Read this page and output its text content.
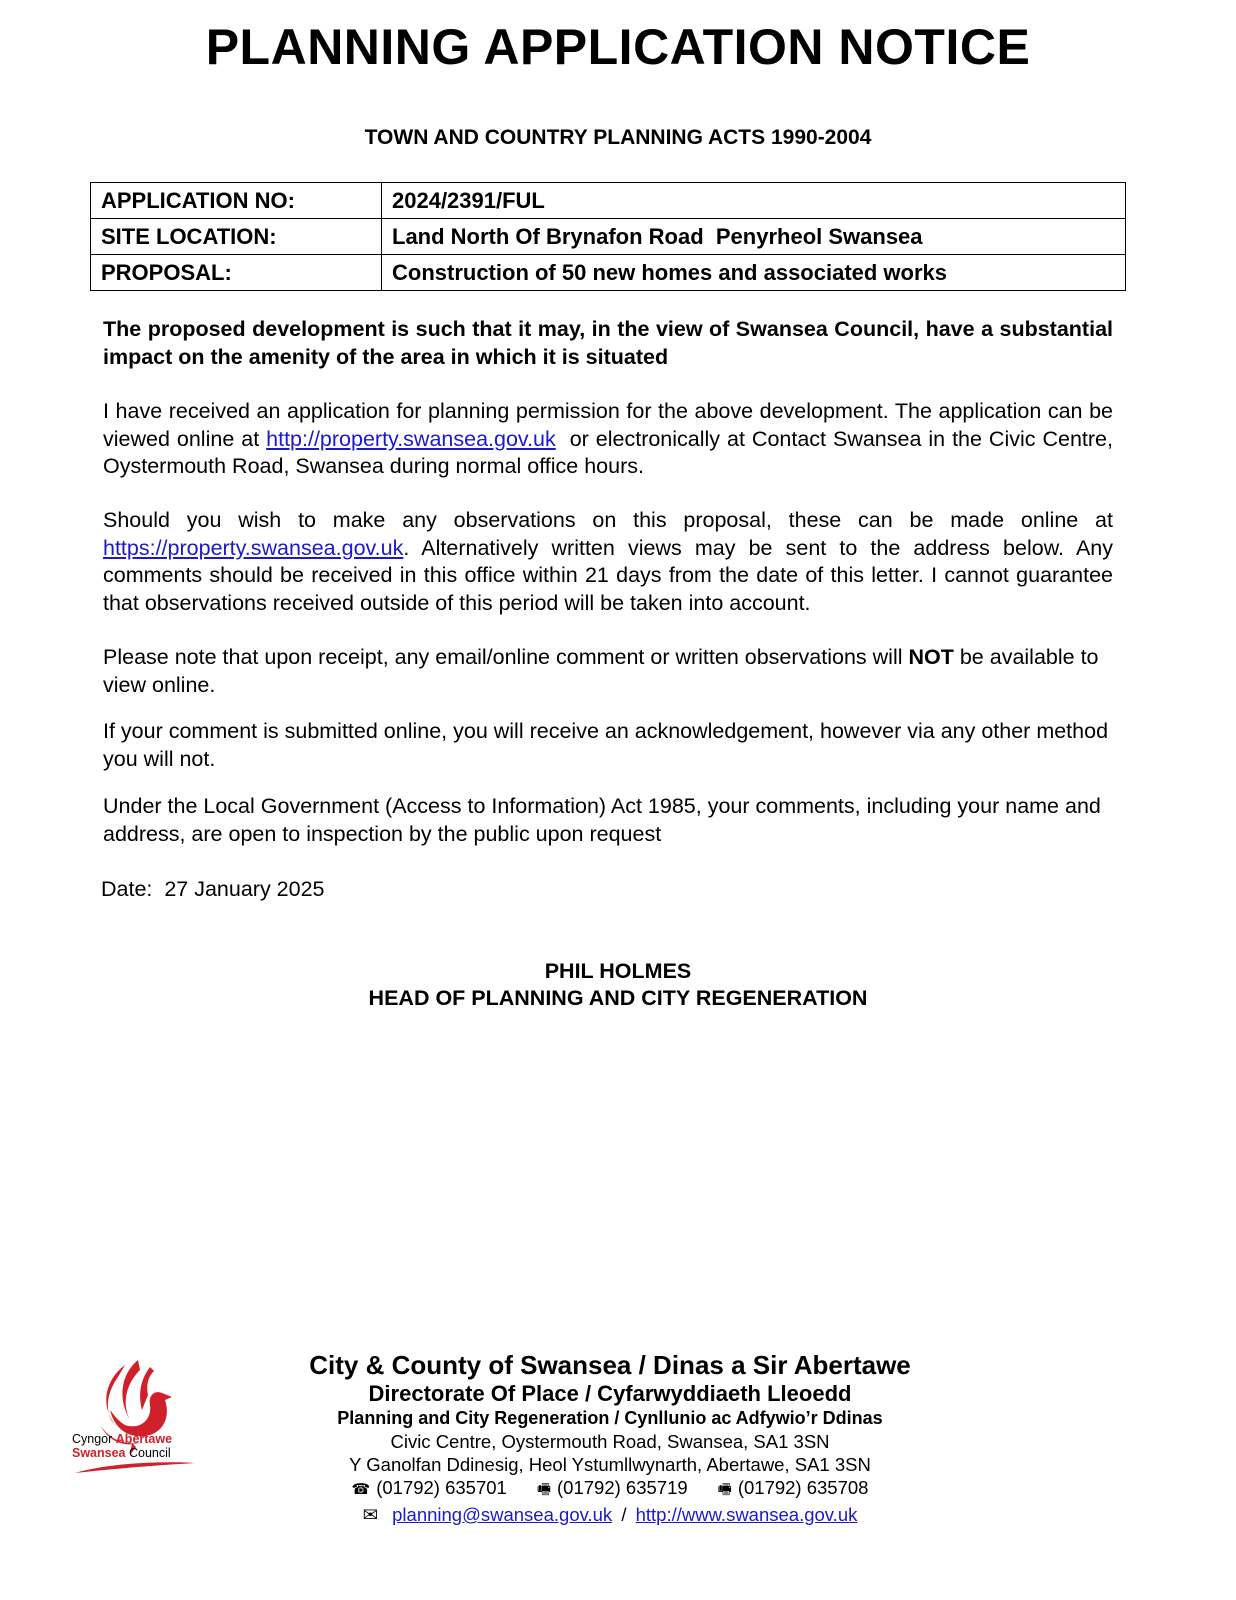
PLANNING APPLICATION NOTICE
TOWN AND COUNTRY PLANNING ACTS 1990-2004
APPLICATION NO:	2024/2391/FUL
SITE LOCATION:	Land North Of Brynafon Road  Penyrheol Swansea
PROPOSAL:	Construction of 50 new homes and associated works
The proposed development is such that it may, in the view of Swansea Council, have a substantial impact on the amenity of the area in which it is situated
I have received an application for planning permission for the above development. The application can be viewed online at http://property.swansea.gov.uk  or electronically at Contact Swansea in the Civic Centre, Oystermouth Road, Swansea during normal office hours.
Should you wish to make any observations on this proposal, these can be made online at https://property.swansea.gov.uk. Alternatively written views may be sent to the address below. Any comments should be received in this office within 21 days from the date of this letter. I cannot guarantee that observations received outside of this period will be taken into account.
Please note that upon receipt, any email/online comment or written observations will NOT be available to view online.
If your comment is submitted online, you will receive an acknowledgement, however via any other method you will not.
Under the Local Government (Access to Information) Act 1985, your comments, including your name and address, are open to inspection by the public upon request
Date:  27 January 2025
PHIL HOLMES
HEAD OF PLANNING AND CITY REGENERATION
Cyngor Abertawe
Swansea Council
City & County of Swansea / Dinas a Sir Abertawe
Directorate Of Place / Cyfarwyddiaeth Lleoedd
Planning and City Regeneration / Cynllunio ac Adfywio’r Ddinas
Civic Centre, Oystermouth Road, Swansea, SA1 3SN
Y Ganolfan Ddinesig, Heol Ystumllwynarth, Abertawe, SA1 3SN
☎ (01792) 635701 🖷 (01792) 635719 🖷 (01792) 635708
✉ planning@swansea.gov.uk / http://www.swansea.gov.uk
